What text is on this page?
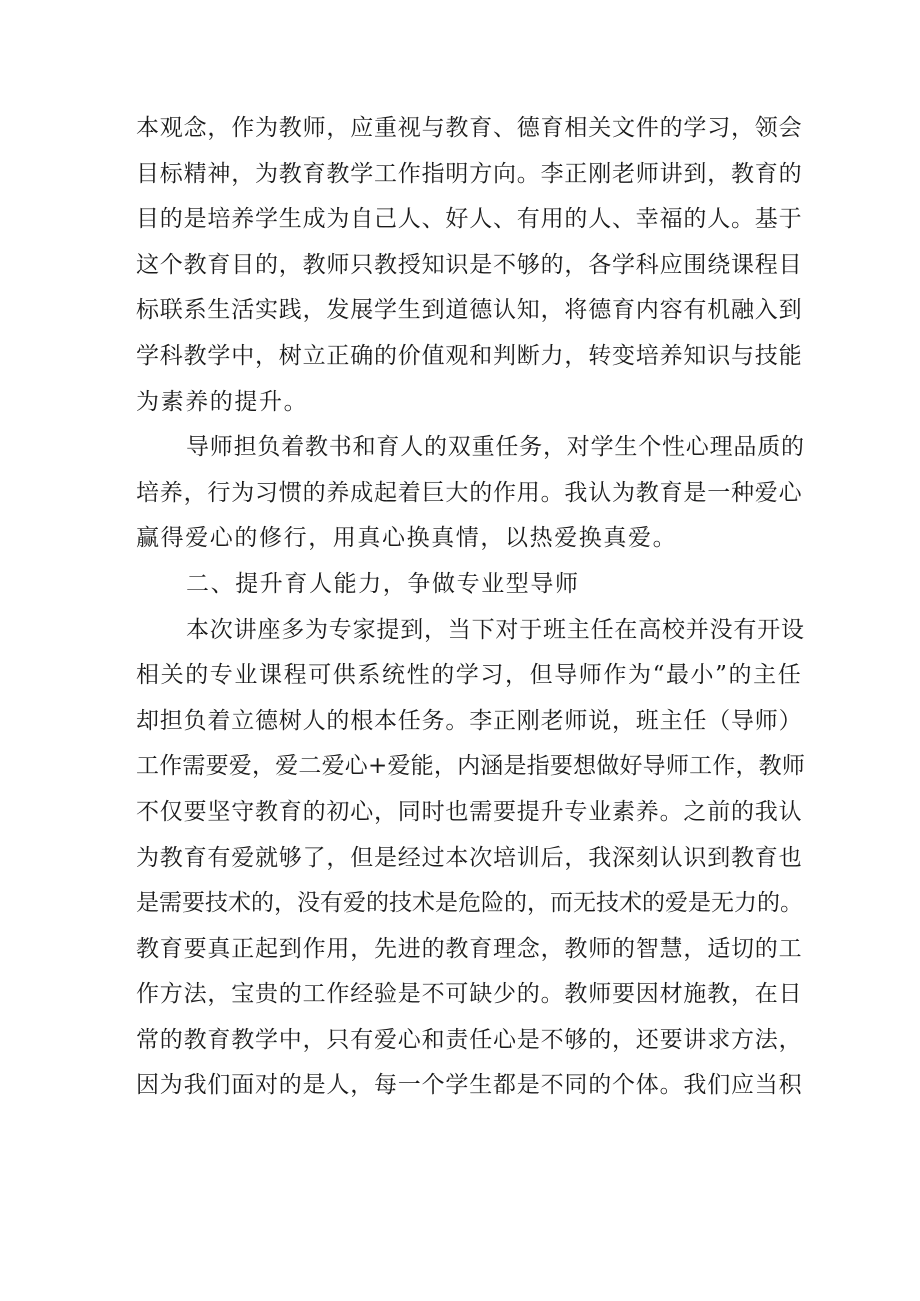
本观念，作为教师，应重视与教育、德育相关文件的学习，领会
目标精神，为教育教学工作指明方向。李正刚老师讲到，教育的
目的是培养学生成为自己人、好人、有用的人、幸福的人。基于
这个教育目的，教师只教授知识是不够的，各学科应围绕课程目
标联系生活实践，发展学生到道德认知，将德育内容有机融入到
学科教学中，树立正确的价值观和判断力，转变培养知识与技能
为素养的提升。
导师担负着教书和育人的双重任务，对学生个性心理品质的
培养，行为习惯的养成起着巨大的作用。我认为教育是一种爱心
赢得爱心的修行，用真心换真情，以热爱换真爱。
二、提升育人能力，争做专业型导师
本次讲座多为专家提到，当下对于班主任在高校并没有开设
相关的专业课程可供系统性的学习，但导师作为“最小”的主任
却担负着立德树人的根本任务。李正刚老师说，班主任（导师）
工作需要爱，爱二爱心+爱能，内涵是指要想做好导师工作，教师
不仅要坚守教育的初心，同时也需要提升专业素养。之前的我认
为教育有爱就够了，但是经过本次培训后，我深刻认识到教育也
是需要技术的，没有爱的技术是危险的，而无技术的爱是无力的。
教育要真正起到作用，先进的教育理念，教师的智慧，适切的工
作方法，宝贵的工作经验是不可缺少的。教师要因材施教，在日
常的教育教学中，只有爱心和责任心是不够的，还要讲求方法，
因为我们面对的是人，每一个学生都是不同的个体。我们应当积
